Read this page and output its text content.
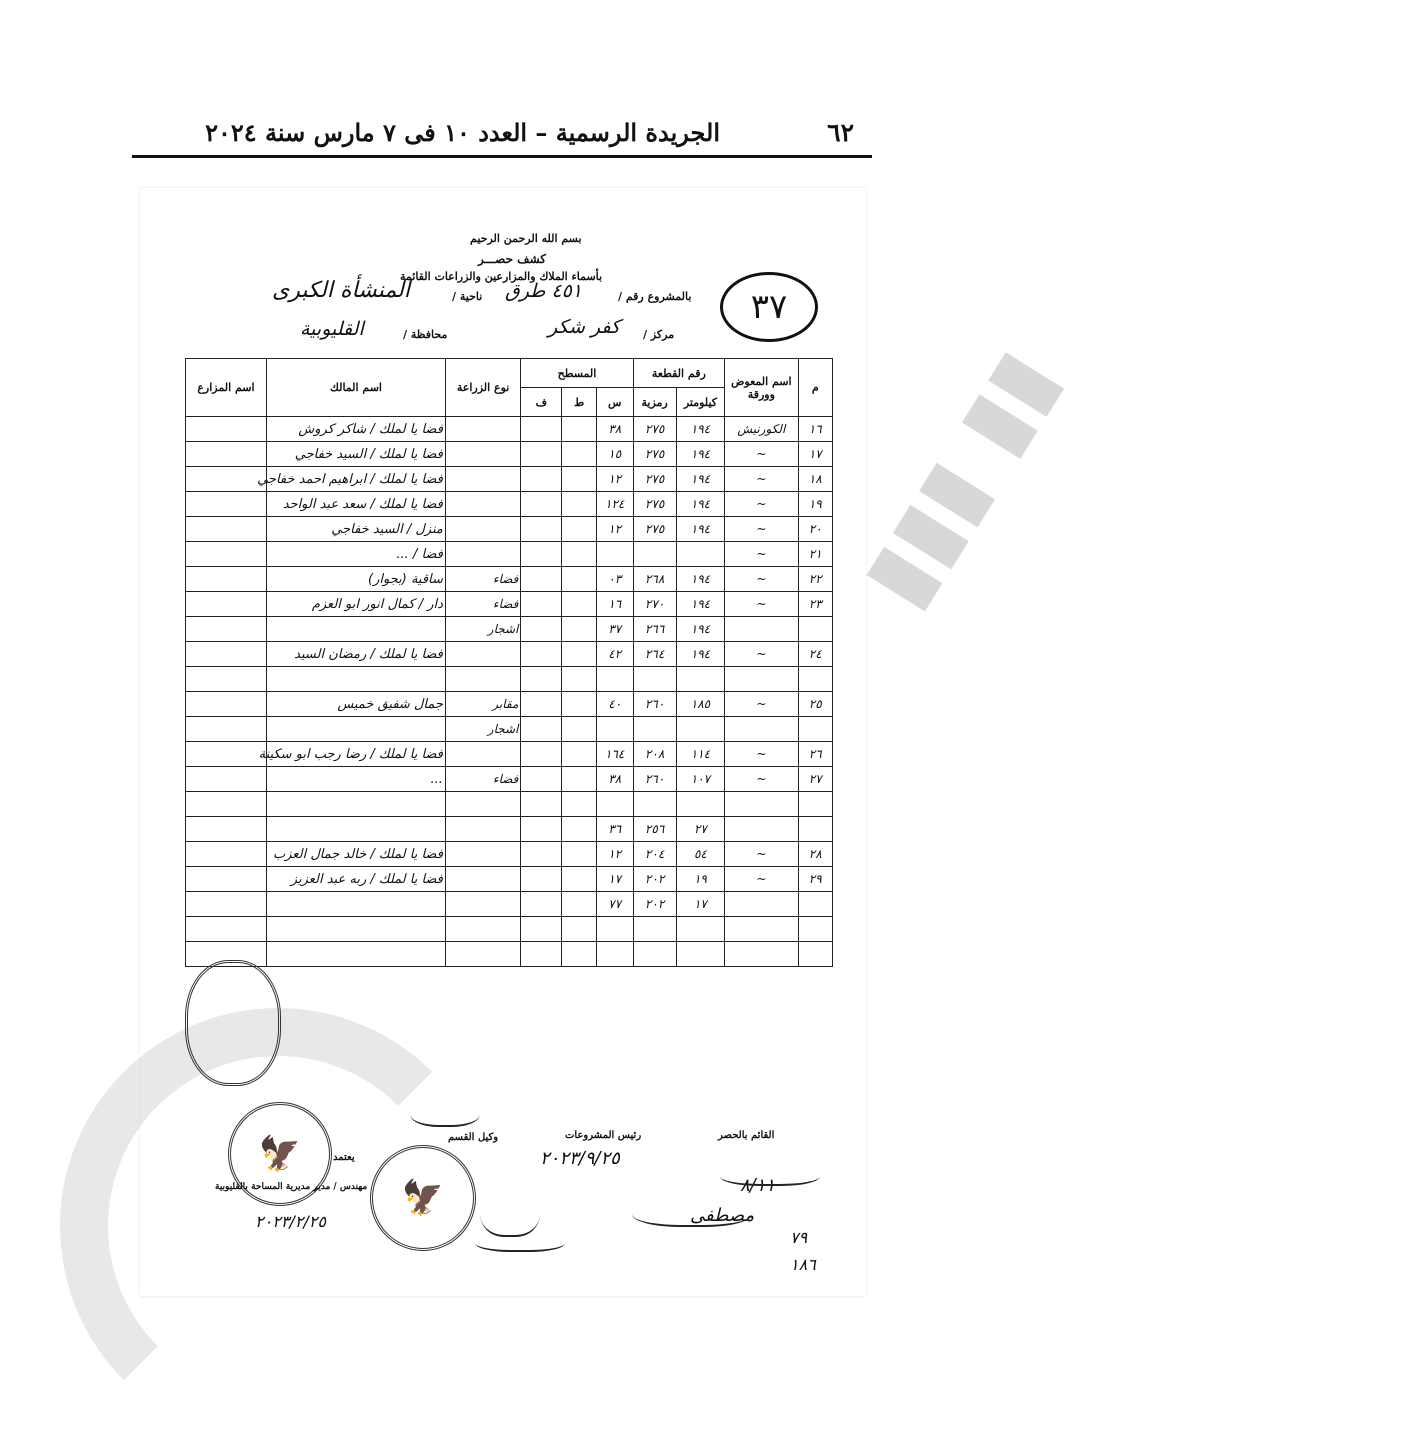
٦٢
الجريدة الرسمية – العدد ١٠ فى ٧ مارس سنة ٢٠٢٤
▮▮▮ ▮▮
بسم الله الرحمن الرحيم
كشف حصـــر
بأسماء الملاك والمزارعين والزراعات القائمة
بالمشروع رقم /
٤٥١ طرق
ناحية /
المنشأة الكبرى
مركز /
كفر شكر
محافظة /
القليوبية
٣٧
م	اسم المعوض وورقة	رقم القطعة		المسطح			نوع الزراعة	اسم المالك	اسم المزارع
		كيلومتر	رمزية	س	ط	ف			
١٦	الكورنيش	١٩٤	٢٧٥	٣٨				فضا يا لملك / شاكر كروش	
١٧	~	١٩٤	٢٧٥	١٥				فضا يا لملك / السيد خفاجي	
١٨	~	١٩٤	٢٧٥	١٢				فضا يا لملك / ابراهيم احمد خفاجي	
١٩	~	١٩٤	٢٧٥	١٢٤				فضا يا لملك / سعد عبد الواحد	
٢٠	~	١٩٤	٢٧٥	١٢				منزل / السيد خفاجي	
٢١	~							فضا / ...	
٢٢	~	١٩٤	٢٦٨	٠٣			فضاء	ساقية (بجوار)	
٢٣	~	١٩٤	٢٧٠	١٦			فضاء	دار / كمال انور ابو العزم	
		١٩٤	٢٦٦	٣٧			اشجار		
٢٤	~	١٩٤	٢٦٤	٤٢				فضا يا لملك / رمضان السيد	

٢٥	~	١٨٥	٢٦٠	٤٠			مقابر	جمال شفيق خميس	
							اشجار		
٢٦	~	١١٤	٢٠٨	١٦٤				فضا يا لملك / رضا رجب ابو سكينة	
٢٧	~	١٠٧	٢٦٠	٣٨			فضاء	...	

		٢٧	٢٥٦	٣٦					
٢٨	~	٥٤	٢٠٤	١٢				فضا يا لملك / خالد جمال العزب	
٢٩	~	١٩	٢٠٢	١٧				فضا يا لملك / ربه عبد العزيز	
		١٧	٢٠٢	٧٧					

🦅
🦅
القائم بالحصر
رئيس المشروعات
وكيل القسم
يعتمد
مهندس / مدير مديرية المساحة بالقليوبية
٢٠٢٣/٢/٢٥
٢٠٢٣/٩/٢٥
٨/١١
مصطفى
٧٩
١٨٦
